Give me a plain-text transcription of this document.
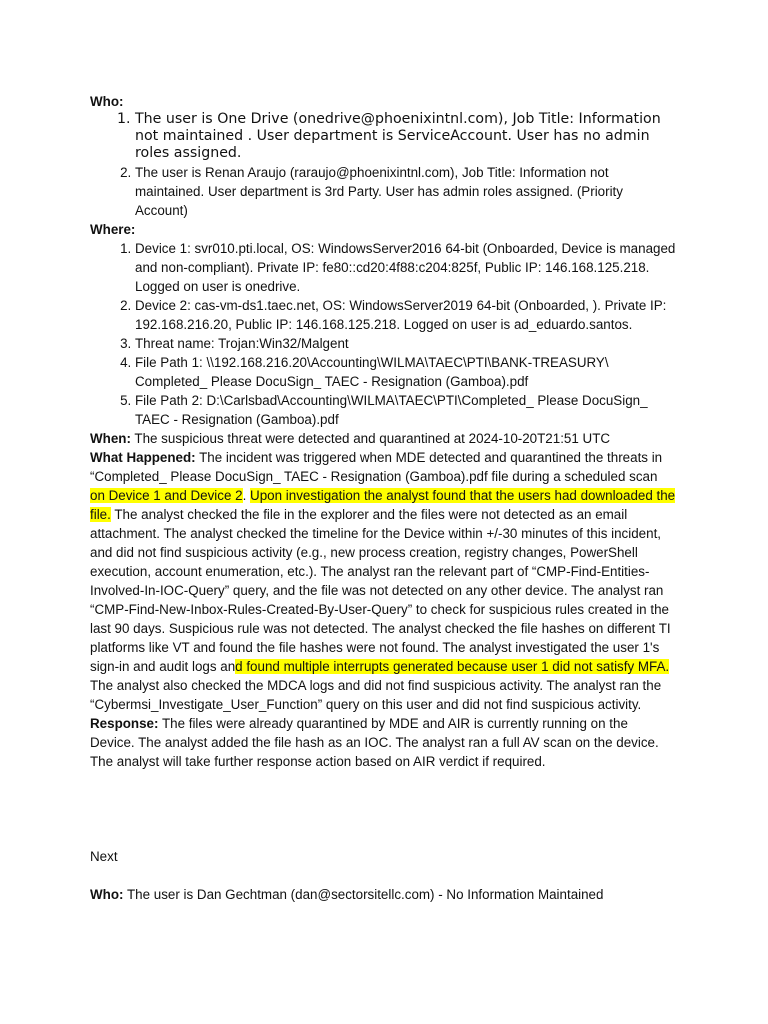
Who:
1. The user is One Drive (onedrive@phoenixintnl.com), Job Title: Information not maintained . User department is ServiceAccount. User has no admin roles assigned.
2. The user is Renan Araujo (raraujo@phoenixintnl.com), Job Title: Information not maintained. User department is 3rd Party. User has admin roles assigned. (Priority Account)
Where:
1. Device 1: svr010.pti.local, OS: WindowsServer2016 64-bit (Onboarded, Device is managed and non-compliant). Private IP: fe80::cd20:4f88:c204:825f, Public IP: 146.168.125.218. Logged on user is onedrive.
2. Device 2: cas-vm-ds1.taec.net, OS: WindowsServer2019 64-bit (Onboarded, ). Private IP: 192.168.216.20, Public IP: 146.168.125.218. Logged on user is ad_eduardo.santos.
3. Threat name: Trojan:Win32/Malgent
4. File Path 1: \\192.168.216.20\Accounting\WILMA\TAEC\PTI\BANK-TREASURY\ Completed_ Please DocuSign_ TAEC - Resignation (Gamboa).pdf
5. File Path 2: D:\Carlsbad\Accounting\WILMA\TAEC\PTI\Completed_ Please DocuSign_ TAEC - Resignation (Gamboa).pdf

When: The suspicious threat were detected and quarantined at 2024-10-20T21:51 UTC

What Happened: The incident was triggered when MDE detected and quarantined the threats in “Completed_ Please DocuSign_ TAEC - Resignation (Gamboa).pdf file during a scheduled scan on Device 1 and Device 2. Upon investigation the analyst found that the users had downloaded the file. The analyst checked the file in the explorer and the files were not detected as an email attachment. The analyst checked the timeline for the Device within +/-30 minutes of this incident, and did not find suspicious activity (e.g., new process creation, registry changes, PowerShell execution, account enumeration, etc.). The analyst ran the relevant part of “CMP-Find-Entities-Involved-In-IOC-Query” query, and the file was not detected on any other device. The analyst ran “CMP-Find-New-Inbox-Rules-Created-By-User-Query” to check for suspicious rules created in the last 90 days. Suspicious rule was not detected. The analyst checked the file hashes on different TI platforms like VT and found the file hashes were not found. The analyst investigated the user 1's sign-in and audit logs and found multiple interrupts generated because user 1 did not satisfy MFA. The analyst also checked the MDCA logs and did not find suspicious activity. The analyst ran the “Cybermsi_Investigate_User_Function” query on this user and did not find suspicious activity.

Response: The files were already quarantined by MDE and AIR is currently running on the Device. The analyst added the file hash as an IOC. The analyst ran a full AV scan on the device. The analyst will take further response action based on AIR verdict if required.

Next

Who: The user is Dan Gechtman (dan@sectorsitellc.com) - No Information Maintained
